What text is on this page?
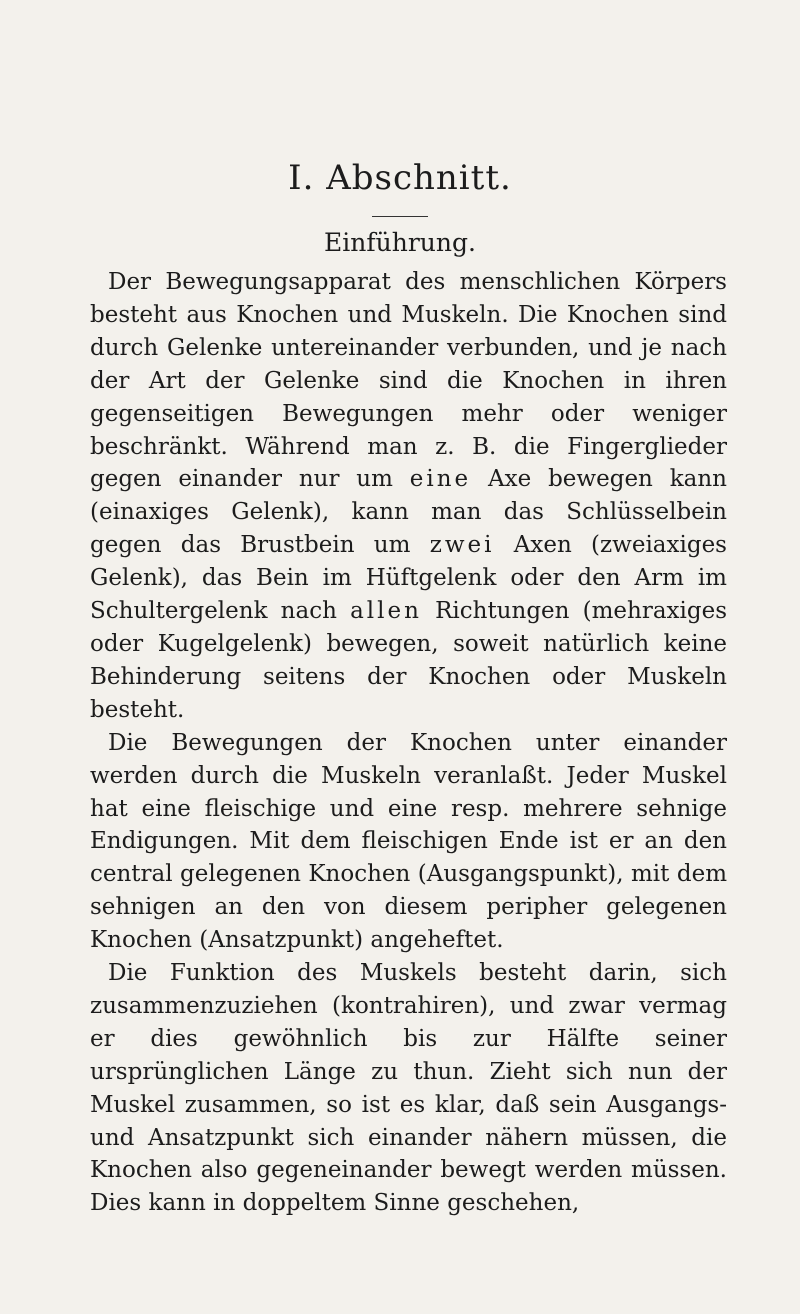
I. Abschnitt.
Einführung.

Der Bewegungsapparat des menschlichen Körpers besteht aus Knochen und Muskeln. Die Knochen sind durch Gelenke untereinander verbunden, und je nach der Art der Gelenke sind die Knochen in ihren gegenseitigen Bewegungen mehr oder weniger beschränkt. Während man z. B. die Fingerglieder gegen einander nur um eine Axe bewegen kann (einaxiges Gelenk), kann man das Schlüsselbein gegen das Brustbein um zwei Axen (zweiaxiges Gelenk), das Bein im Hüftgelenk oder den Arm im Schultergelenk nach allen Richtungen (mehraxiges oder Kugelgelenk) bewegen, soweit natürlich keine Behinderung seitens der Knochen oder Muskeln besteht.

Die Bewegungen der Knochen unter einander werden durch die Muskeln veranlaßt. Jeder Muskel hat eine fleischige und eine resp. mehrere sehnige Endigungen. Mit dem fleischigen Ende ist er an den central gelegenen Knochen (Ausgangspunkt), mit dem sehnigen an den von diesem peripher gelegenen Knochen (Ansatzpunkt) angeheftet.

Die Funktion des Muskels besteht darin, sich zusammenzuziehen (kontrahiren), und zwar vermag er dies gewöhnlich bis zur Hälfte seiner ursprünglichen Länge zu thun. Zieht sich nun der Muskel zusammen, so ist es klar, daß sein Ausgangs- und Ansatzpunkt sich einander nähern müssen, die Knochen also gegeneinander bewegt werden müssen. Dies kann in doppeltem Sinne geschehen,
